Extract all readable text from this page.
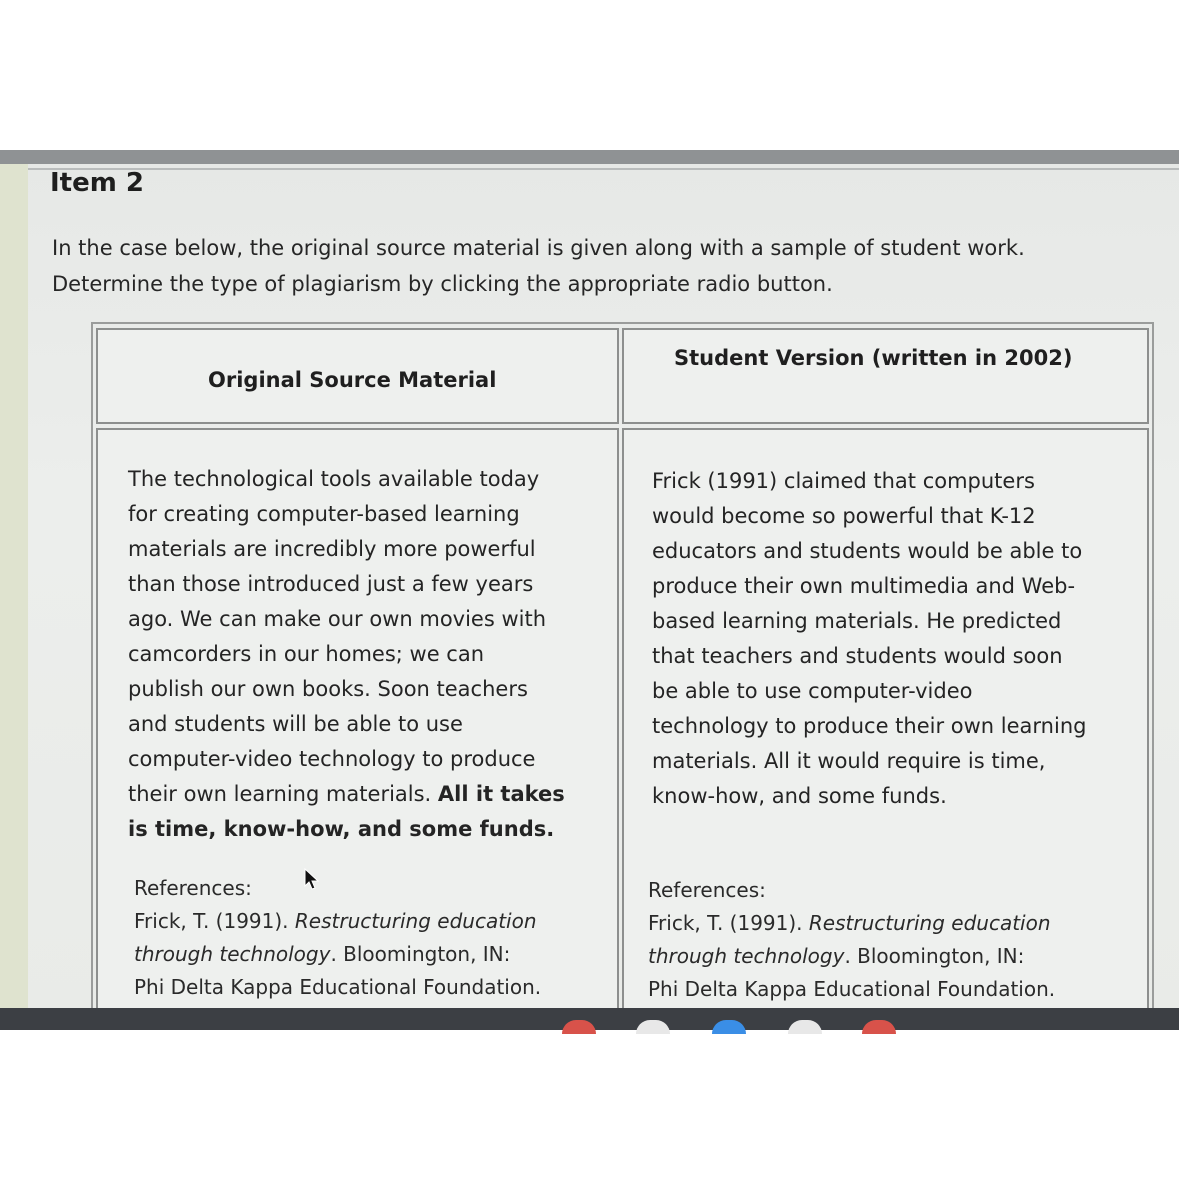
Item 2
In the case below, the original source material is given along with a sample of student work.
Determine the type of plagiarism by clicking the appropriate radio button.
Original Source Material
Student Version (written in 2002)
The technological tools available today
for creating computer-based learning
materials are incredibly more powerful
than those introduced just a few years
ago. We can make our own movies with
camcorders in our homes; we can
publish our own books. Soon teachers
and students will be able to use
computer-video technology to produce
their own learning materials. All it takes
is time, know-how, and some funds.
References:
Frick, T. (1991). Restructuring education
through technology. Bloomington, IN:
Phi Delta Kappa Educational Foundation.
Frick (1991) claimed that computers
would become so powerful that K-12
educators and students would be able to
produce their own multimedia and Web-
based learning materials. He predicted
that teachers and students would soon
be able to use computer-video
technology to produce their own learning
materials. All it would require is time,
know-how, and some funds.
References:
Frick, T. (1991). Restructuring education
through technology. Bloomington, IN:
Phi Delta Kappa Educational Foundation.
